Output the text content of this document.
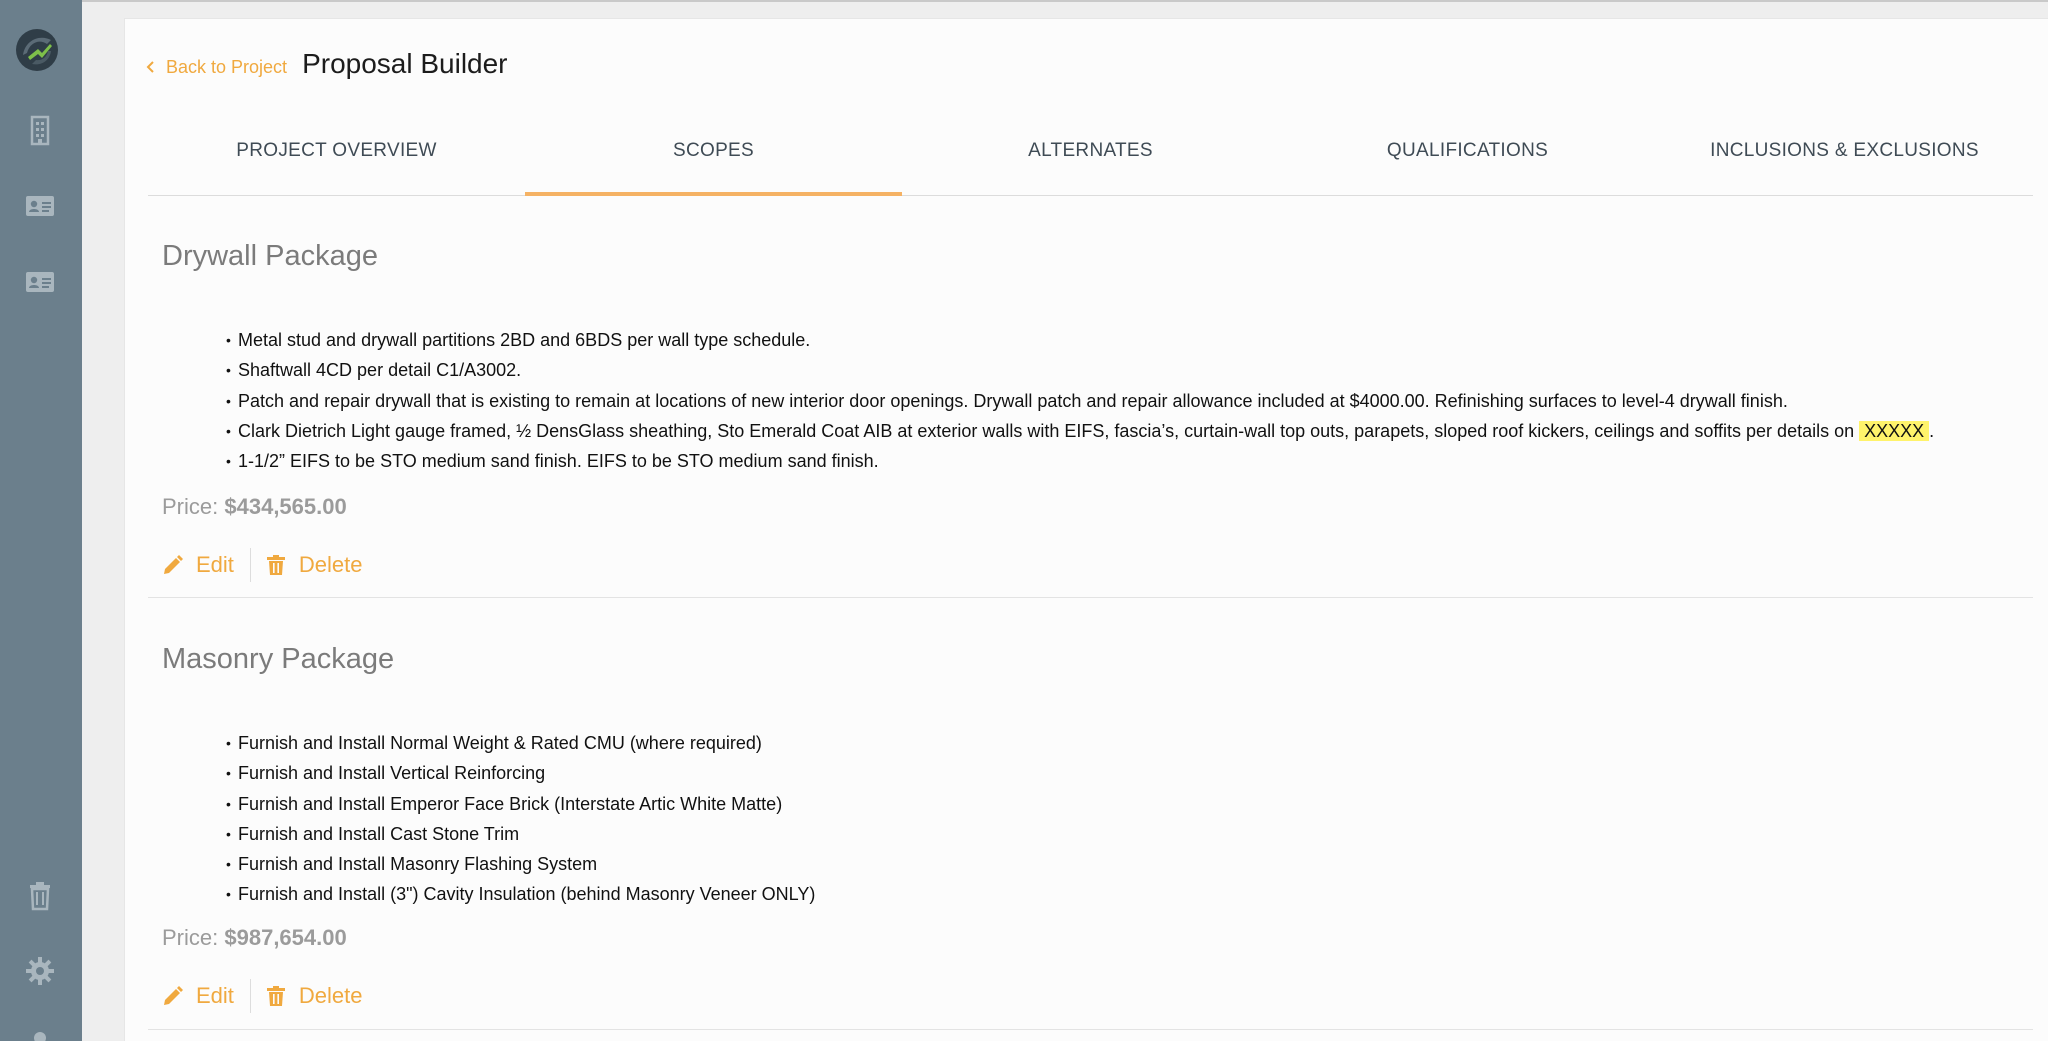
Back to Project Proposal Builder
PROJECT OVERVIEW	SCOPES	ALTERNATES	QUALIFICATIONS	INCLUSIONS & EXCLUSIONS
Drywall Package
• Metal stud and drywall partitions 2BD and 6BDS per wall type schedule.
• Shaftwall 4CD per detail C1/A3002.
• Patch and repair drywall that is existing to remain at locations of new interior door openings. Drywall patch and repair allowance included at $4000.00. Refinishing surfaces to level-4 drywall finish.
• Clark Dietrich Light gauge framed, ½ DensGlass sheathing, Sto Emerald Coat AIB at exterior walls with EIFS, fascia’s, curtain-wall top outs, parapets, sloped roof kickers, ceilings and soffits per details on XXXXX .
• 1-1/2” EIFS to be STO medium sand finish. EIFS to be STO medium sand finish.
Price: $434,565.00
Edit	Delete
Masonry Package
• Furnish and Install Normal Weight & Rated CMU (where required)
• Furnish and Install Vertical Reinforcing
• Furnish and Install Emperor Face Brick (Interstate Artic White Matte)
• Furnish and Install Cast Stone Trim
• Furnish and Install Masonry Flashing System
• Furnish and Install (3") Cavity Insulation (behind Masonry Veneer ONLY)
Price: $987,654.00
Edit	Delete
